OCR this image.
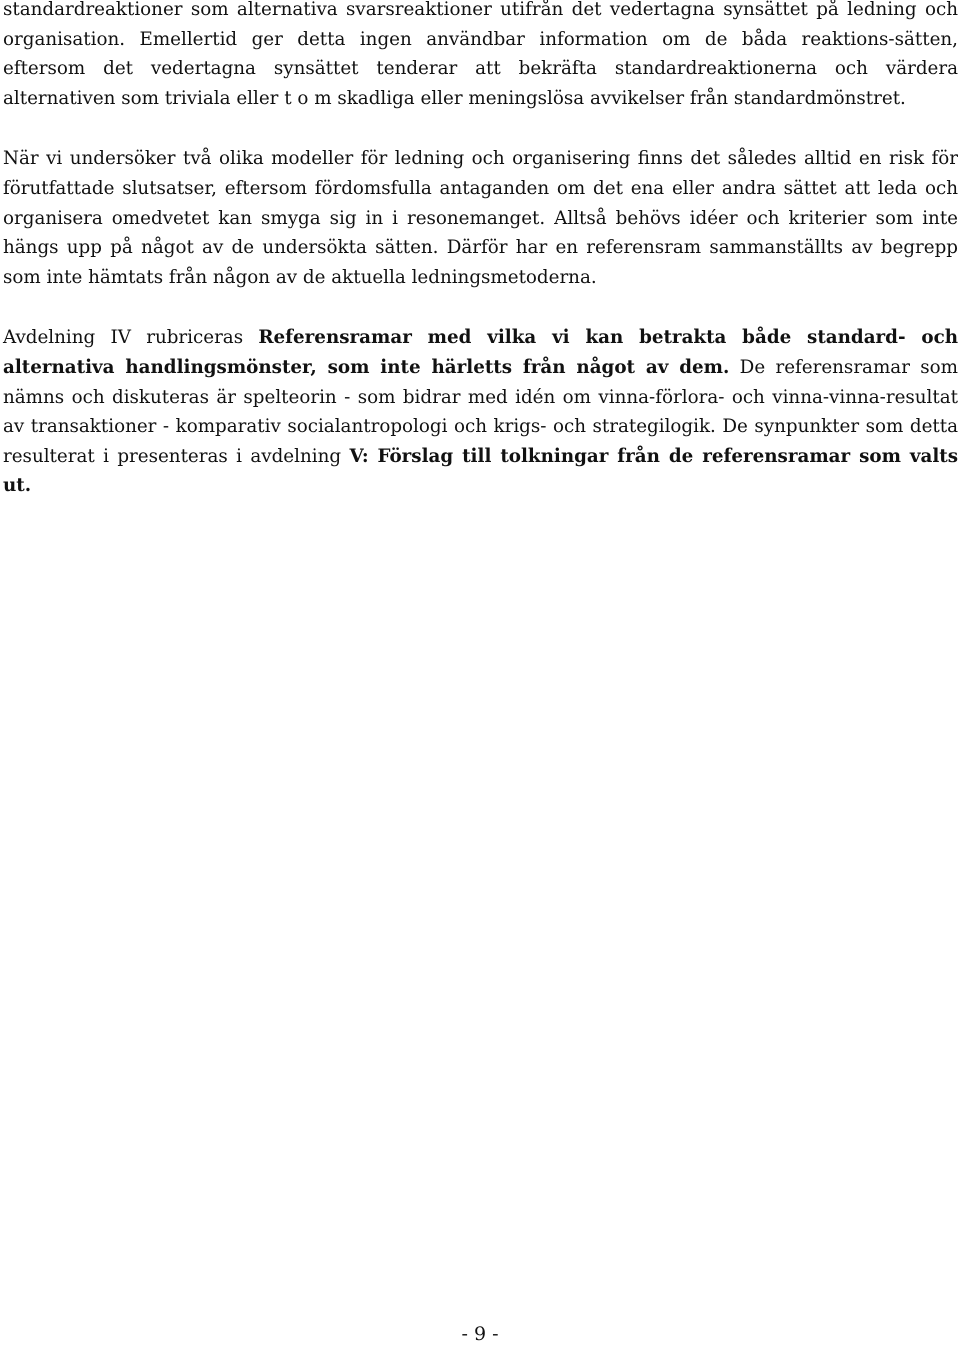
standardreaktioner som alternativa svarsreaktioner utifrån det vedertagna synsättet på ledning och organisation. Emellertid ger detta ingen användbar information om de båda reaktions-sätten, eftersom det vedertagna synsättet tenderar att bekräfta standardreaktionerna och värdera alternativen som triviala eller t o m skadliga eller meningslösa avvikelser från standardmönstret.

När vi undersöker två olika modeller för ledning och organisering finns det således alltid en risk för förutfattade slutsatser, eftersom fördomsfulla antaganden om det ena eller andra sättet att leda och organisera omedvetet kan smyga sig in i resonemanget. Alltså behövs idéer och kriterier som inte hängs upp på något av de undersökta sätten. Därför har en referensram sammanställts av begrepp som inte hämtats från någon av de aktuella ledningsmetoderna.

Avdelning IV rubriceras Referensramar med vilka vi kan betrakta både standard- och alternativa handlingsmönster, som inte härletts från något av dem. De referensramar som nämns och diskuteras är spelteorin - som bidrar med idén om vinna-förlora- och vinna-vinna-resultat av transaktioner - komparativ socialantropologi och krigs- och strategilogik. De synpunkter som detta resulterat i presenteras i avdelning V: Förslag till tolkningar från de referensramar som valts ut.

- 9 -
